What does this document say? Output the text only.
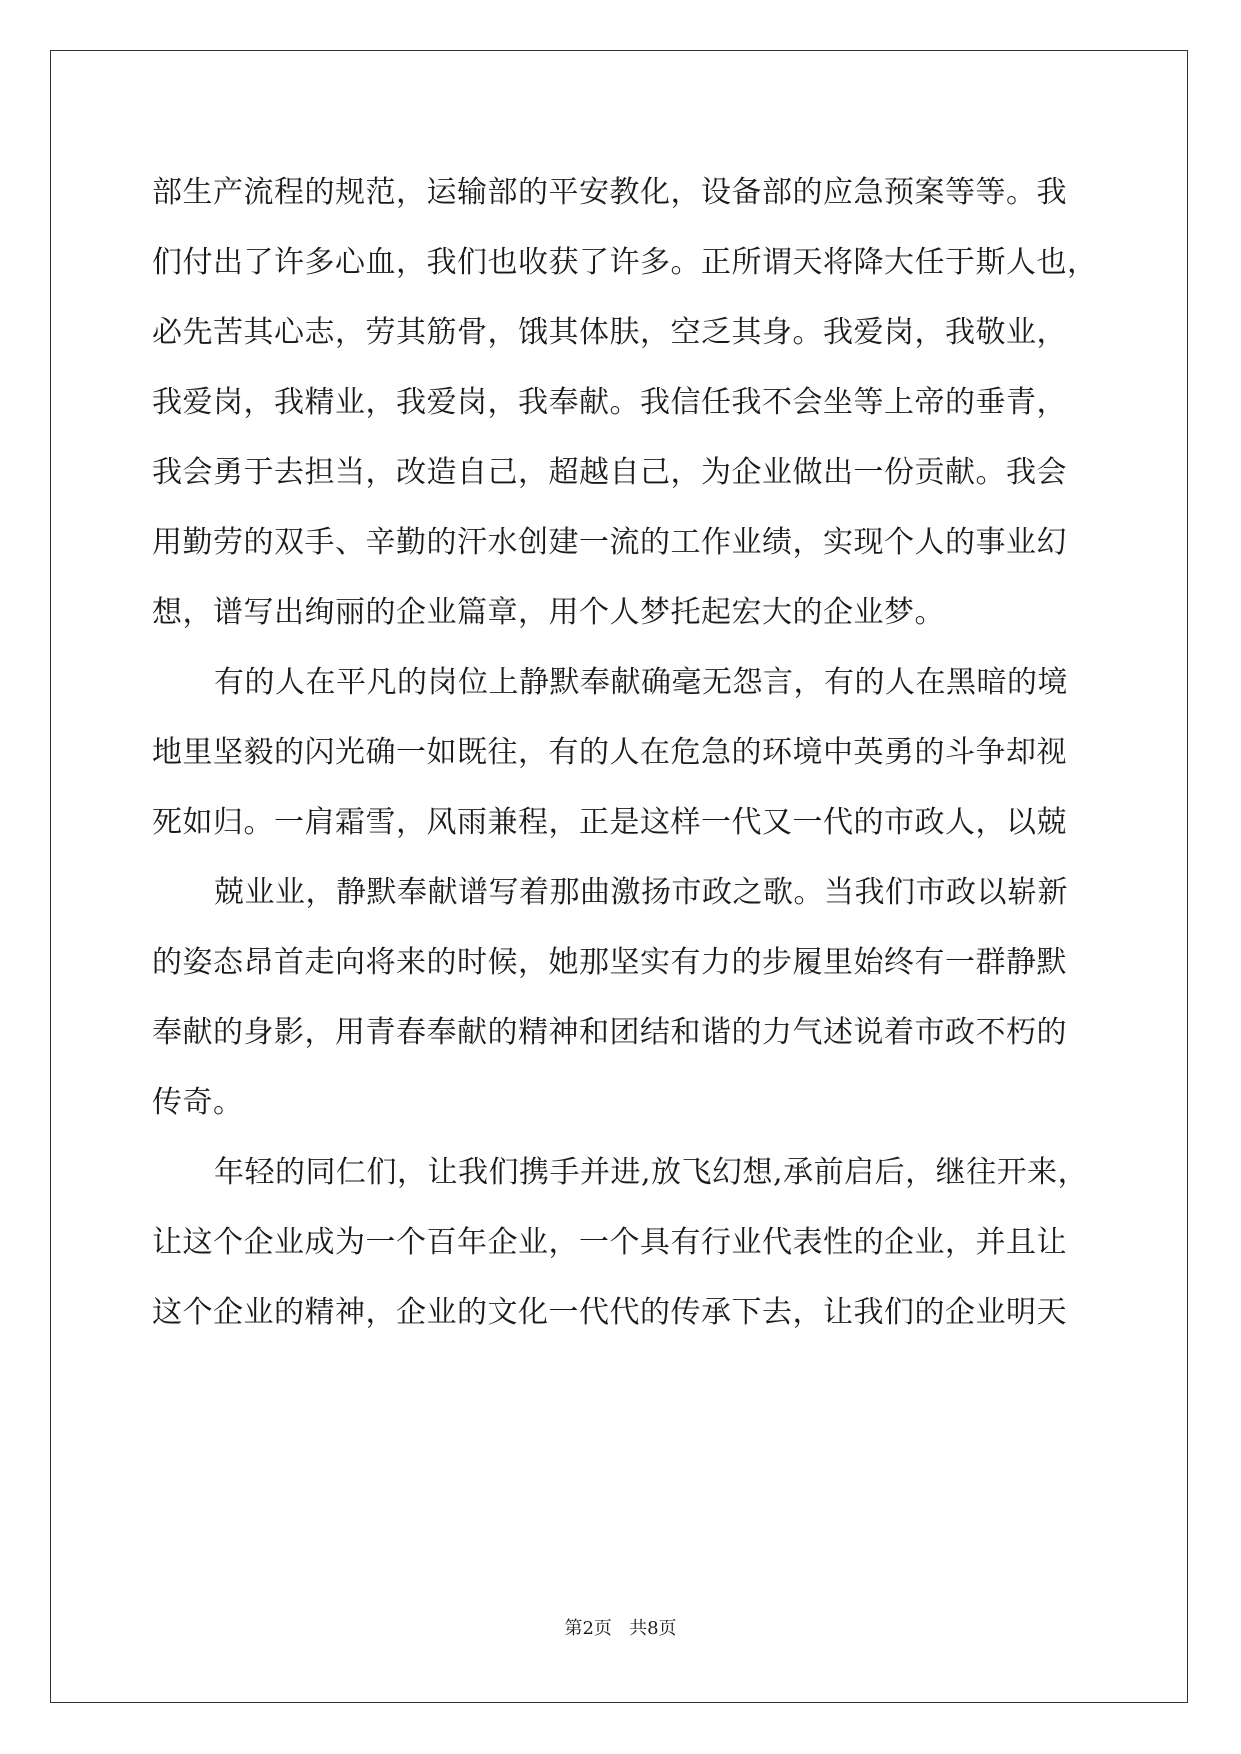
部生产流程的规范，运输部的平安教化，设备部的应急预案等等。我
们付出了许多心血，我们也收获了许多。正所谓天将降大任于斯人也，
必先苦其心志，劳其筋骨，饿其体肤，空乏其身。我爱岗，我敬业，
我爱岗，我精业，我爱岗，我奉献。我信任我不会坐等上帝的垂青，
我会勇于去担当，改造自己，超越自己，为企业做出一份贡献。我会
用勤劳的双手、辛勤的汗水创建一流的工作业绩，实现个人的事业幻
想，谱写出绚丽的企业篇章，用个人梦托起宏大的企业梦。
有的人在平凡的岗位上静默奉献确毫无怨言，有的人在黑暗的境
地里坚毅的闪光确一如既往，有的人在危急的环境中英勇的斗争却视
死如归。一肩霜雪，风雨兼程，正是这样一代又一代的市政人，以兢
兢业业，静默奉献谱写着那曲激扬市政之歌。当我们市政以崭新
的姿态昂首走向将来的时候，她那坚实有力的步履里始终有一群静默
奉献的身影，用青春奉献的精神和团结和谐的力气述说着市政不朽的
传奇。
年轻的同仁们，让我们携手并进,放飞幻想,承前启后，继往开来，
让这个企业成为一个百年企业，一个具有行业代表性的企业，并且让
这个企业的精神，企业的文化一代代的传承下去，让我们的企业明天
第2页   共8页
